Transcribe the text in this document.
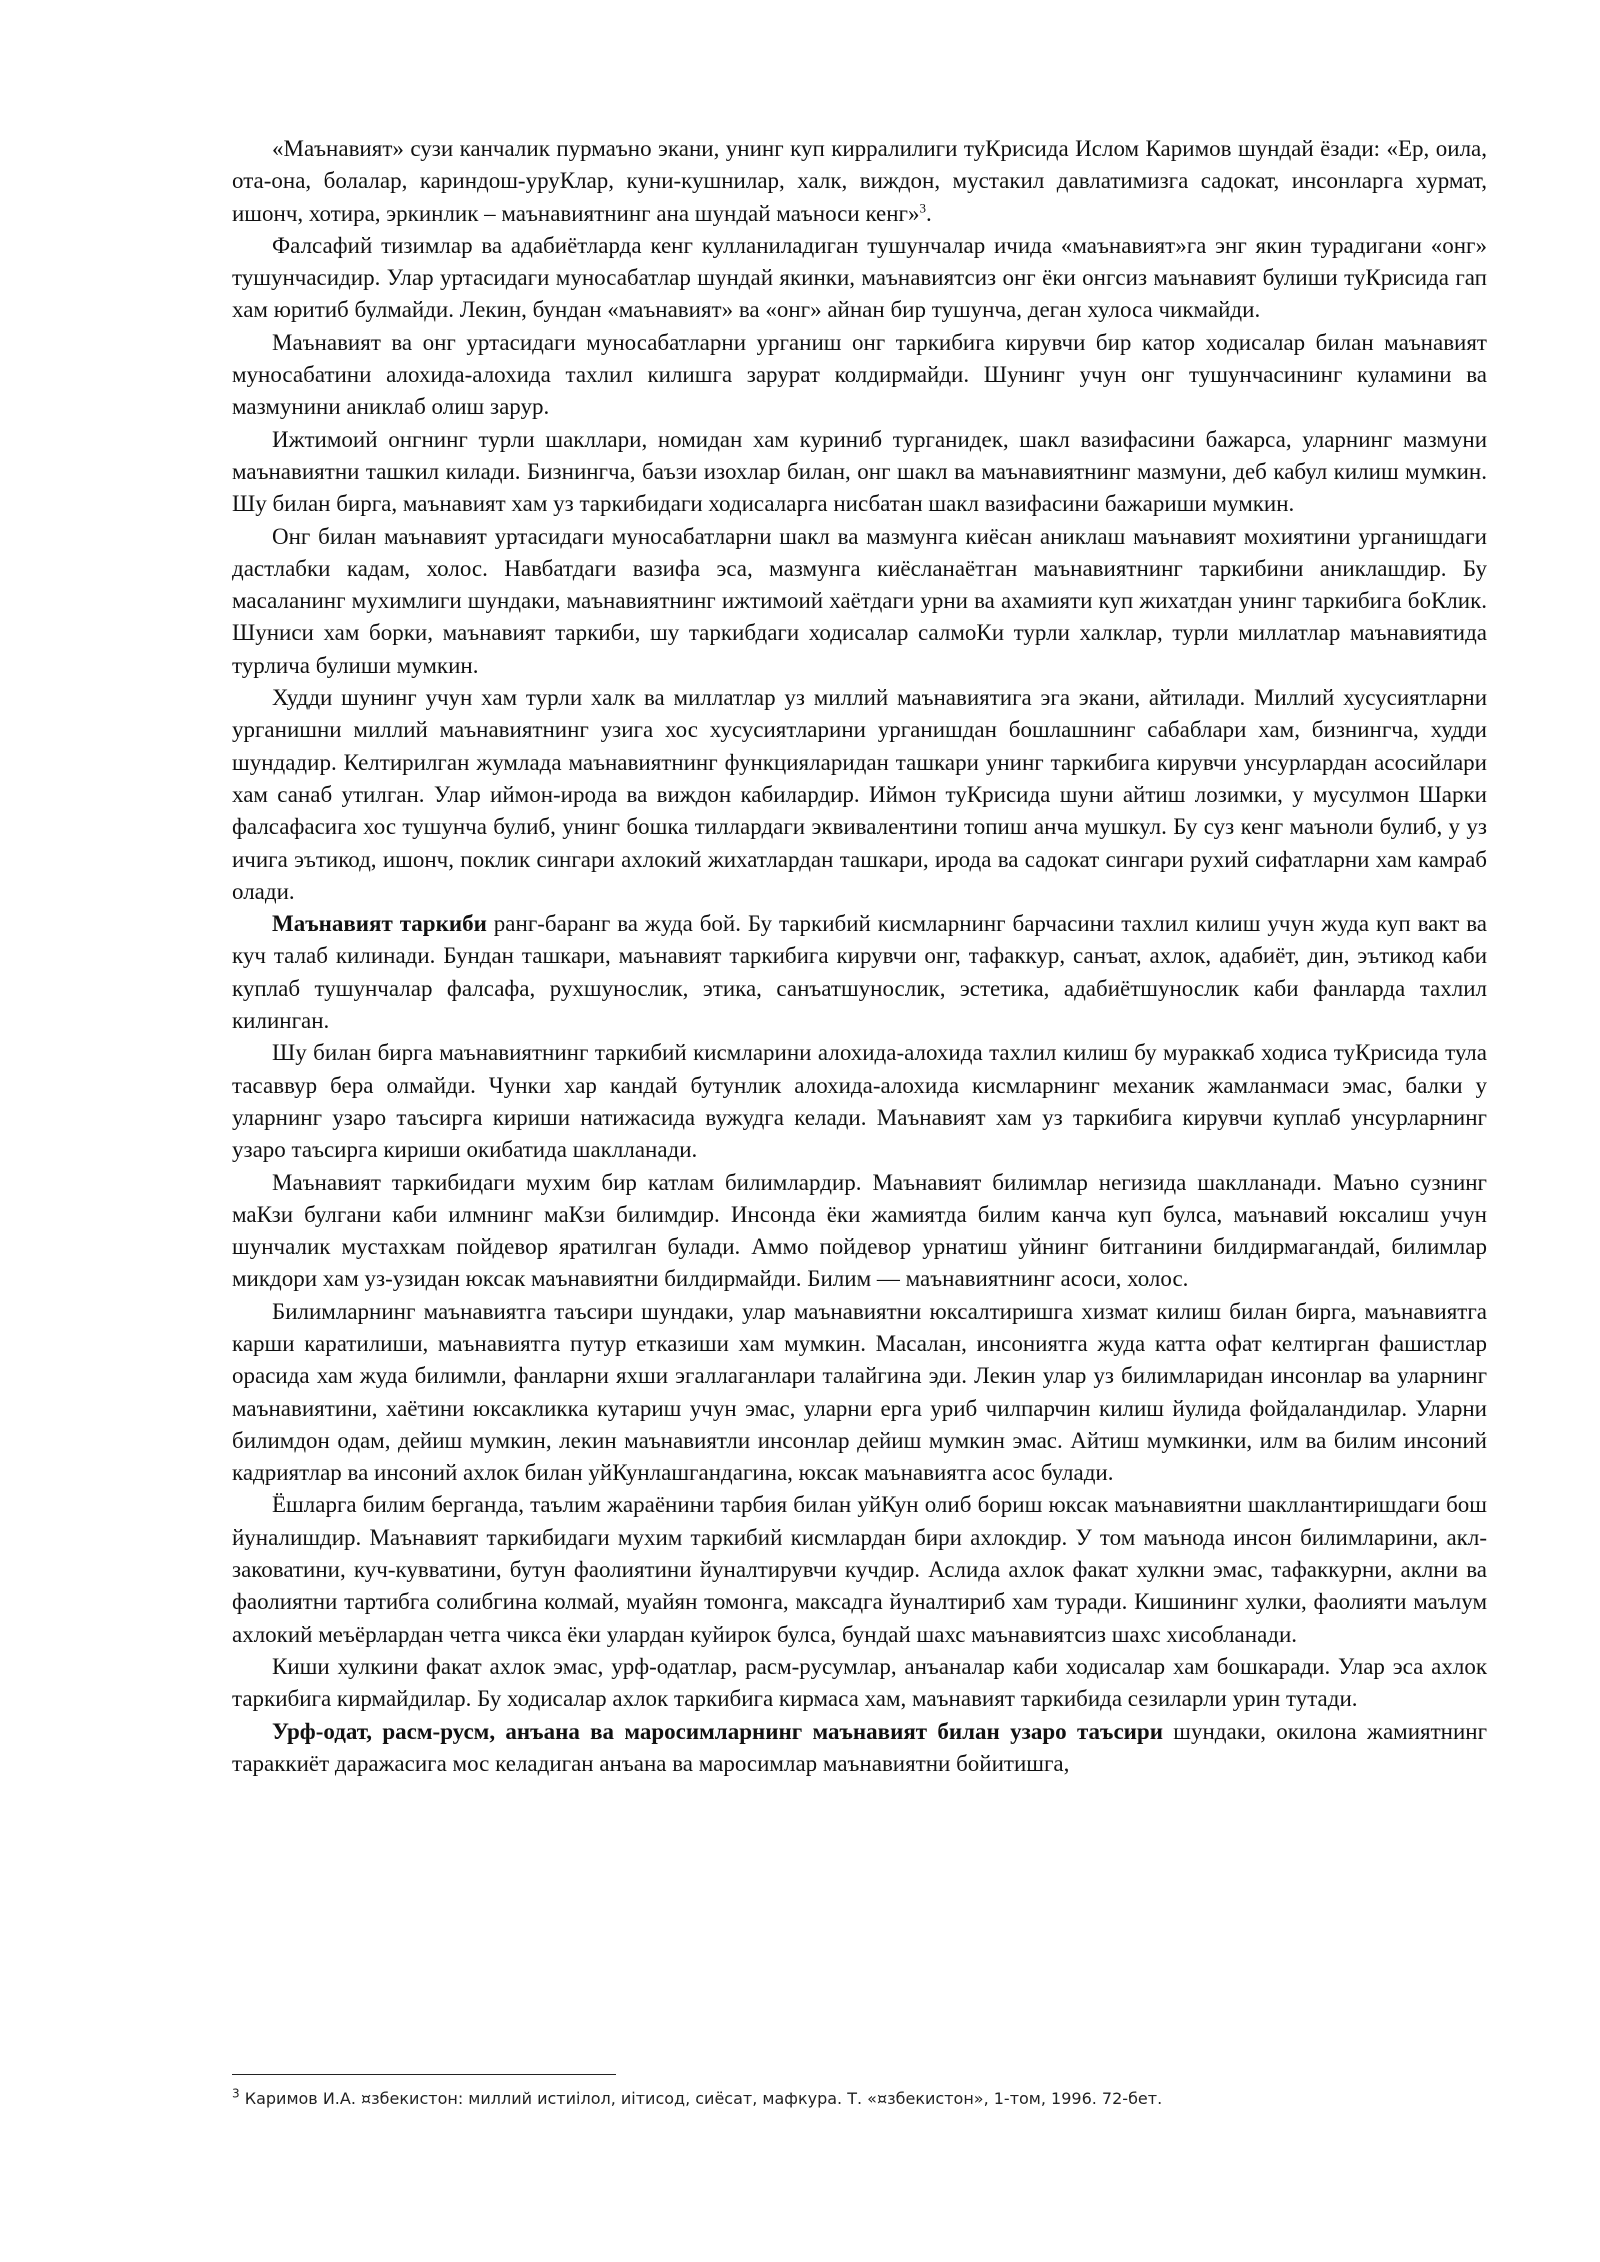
«Маънавият» сузи канчалик пурмаъно экани, унинг куп кирралилиги туКрисида Ислом Каримов шундай ёзади: «Ер, оила, ота-она, болалар, кариндош-уруКлар, куни-кушнилар, халк, виждон, мустакил давлатимизга садокат, инсонларга хурмат, ишонч, хотира, эркинлик – маънавиятнинг ана шундай маъноси кенг»$^3$.

Фалсафий тизимлар ва адабиётларда кенг кулланиладиган тушунчалар ичида «маънавият»га энг якин турадигани «онг» тушунчасидир. Улар уртасидаги муносабатлар шундай якинки, маънавиятсиз онг ёки онгсиз маънавият булиши туКрисида гап хам юритиб булмайди. Лекин, бундан «маънавият» ва «онг» айнан бир тушунча, деган хулоса чикмайди.

Маънавият ва онг уртасидаги муносабатларни урганиш онг таркибига кирувчи бир катор ходисалар билан маънавият муносабатини алохида-алохида тахлил килишга зарурат колдирмайди. Шунинг учун онг тушунчасининг куламини ва мазмунини аниклаб олиш зарур.

Ижтимоий онгнинг турли шакллари, номидан хам куриниб турганидек, шакл вазифасини бажарса, уларнинг мазмуни маънавиятни ташкил килади. Бизнингча, баъзи изохлар билан, онг шакл ва маънавиятнинг мазмуни, деб кабул килиш мумкин. Шу билан бирга, маънавият хам уз таркибидаги ходисаларга нисбатан шакл вазифасини бажариши мумкин.

Онг билан маънавият уртасидаги муносабатларни шакл ва мазмунга киёсан аниклаш маънавият мохиятини урганишдаги дастлабки кадам, холос. Навбатдаги вазифа эса, мазмунга киёсланаётган маънавиятнинг таркибини аниклашдир. Бу масаланинг мухимлиги шундаки, маънавиятнинг ижтимоий хаётдаги урни ва ахамияти куп жихатдан унинг таркибига боКлик. Шуниси хам борки, маънавият таркиби, шу таркибдаги ходисалар салмоКи турли халклар, турли миллатлар маънавиятида турлича булиши мумкин.

Худди шунинг учун хам турли халк ва миллатлар уз миллий маънавиятига эга экани, айтилади. Миллий хусусиятларни урганишни миллий маънавиятнинг узига хос хусусиятларини урганишдан бошлашнинг сабаблари хам, бизнингча, худди шундадир. Келтирилган жумлада маънавиятнинг функцияларидан ташкари унинг таркибига кирувчи унсурлардан асосийлари хам санаб утилган. Улар иймон-ирода ва виждон кабилардир. Иймон туКрисида шуни айтиш лозимки, у мусулмон Шарки фалсафасига хос тушунча булиб, унинг бошка тиллардаги эквивалентини топиш анча мушкул. Бу суз кенг маъноли булиб, у уз ичига эътикод, ишонч, поклик сингари ахлокий жихатлардан ташкари, ирода ва садокат сингари рухий сифатларни хам камраб олади.

Маънавият таркиби ранг-баранг ва жуда бой. Бу таркибий кисмларнинг барчасини тахлил килиш учун жуда куп вакт ва куч талаб килинади. Бундан ташкари, маънавият таркибига кирувчи онг, тафаккур, санъат, ахлок, адабиёт, дин, эътикод каби куплаб тушунчалар фалсафа, рухшунослик, этика, санъатшунослик, эстетика, адабиётшунослик каби фанларда тахлил килинган.

Шу билан бирга маънавиятнинг таркибий кисмларини алохида-алохида тахлил килиш бу мураккаб ходиса туКрисида тула тасаввур бера олмайди. Чунки хар кандай бутунлик алохида-алохида кисмларнинг механик жамланмаси эмас, балки у уларнинг узаро таъсирга кириши натижасида вужудга келади. Маънавият хам уз таркибига кирувчи куплаб унсурларнинг узаро таъсирга кириши окибатида шаклланади.

Маънавият таркибидаги мухим бир катлам билимлардир. Маънавият билимлар негизида шаклланади. Маъно сузнинг маКзи булгани каби илмнинг маКзи билимдир. Инсонда ёки жамиятда билим канча куп булса, маънавий юксалиш учун шунчалик мустахкам пойдевор яратилган булади. Аммо пойдевор урнатиш уйнинг битганини билдирмагандай, билимлар микдори хам уз-узидан юксак маънавиятни билдирмайди. Билим — маънавиятнинг асоси, холос.

Билимларнинг маънавиятга таъсири шундаки, улар маънавиятни юксалтиришга хизмат килиш билан бирга, маънавиятга карши каратилиши, маънавиятга путур етказиши хам мумкин. Масалан, инсониятга жуда катта офат келтирган фашистлар орасида хам жуда билимли, фанларни яхши эгаллаганлари талайгина эди. Лекин улар уз билимларидан инсонлар ва уларнинг маънавиятини, хаётини юксакликка кутариш учун эмас, уларни ерга уриб чилпарчин килиш йулида фойдаландилар. Уларни билимдон одам, дейиш мумкин, лекин маънавиятли инсонлар дейиш мумкин эмас. Айтиш мумкинки, илм ва билим инсоний кадриятлар ва инсоний ахлок билан уйКунлашгандагина, юксак маънавиятга асос булади.

Ёшларга билим берганда, таълим жараёнини тарбия билан уйКун олиб бориш юксак маънавиятни шакллантиришдаги бош йуналишдир. Маънавият таркибидаги мухим таркибий кисмлардан бири ахлокдир. У том маънода инсон билимларини, акл-заковатини, куч-кувватини, бутун фаолиятини йуналтирувчи кучдир. Аслида ахлок факат хулкни эмас, тафаккурни, аклни ва фаолиятни тартибга солибгина колмай, муайян томонга, максадга йуналтириб хам туради. Кишининг хулки, фаолияти маълум ахлокий меъёрлардан четга чикса ёки улардан куйирок булса, бундай шахс маънавиятсиз шахс хисобланади.

Киши хулкини факат ахлок эмас, урф-одатлар, расм-русумлар, анъаналар каби ходисалар хам бошкаради. Улар эса ахлок таркибига кирмайдилар. Бу ходисалар ахлок таркибига кирмаса хам, маънавият таркибида сезиларли урин тутади.

Урф-одат, расм-русм, анъана ва маросимларнинг маънавият билан узаро таъсири шундаки, окилона жамиятнинг тараккиёт даражасига мос келадиган анъана ва маросимлар маънавиятни бойитишга,

$^3$ Каримов И.А. ¤збекистон: миллий истиілол, иітисод, сиёсат, мафкура. Т. «¤збекистон», 1-том, 1996. 72-бет.
